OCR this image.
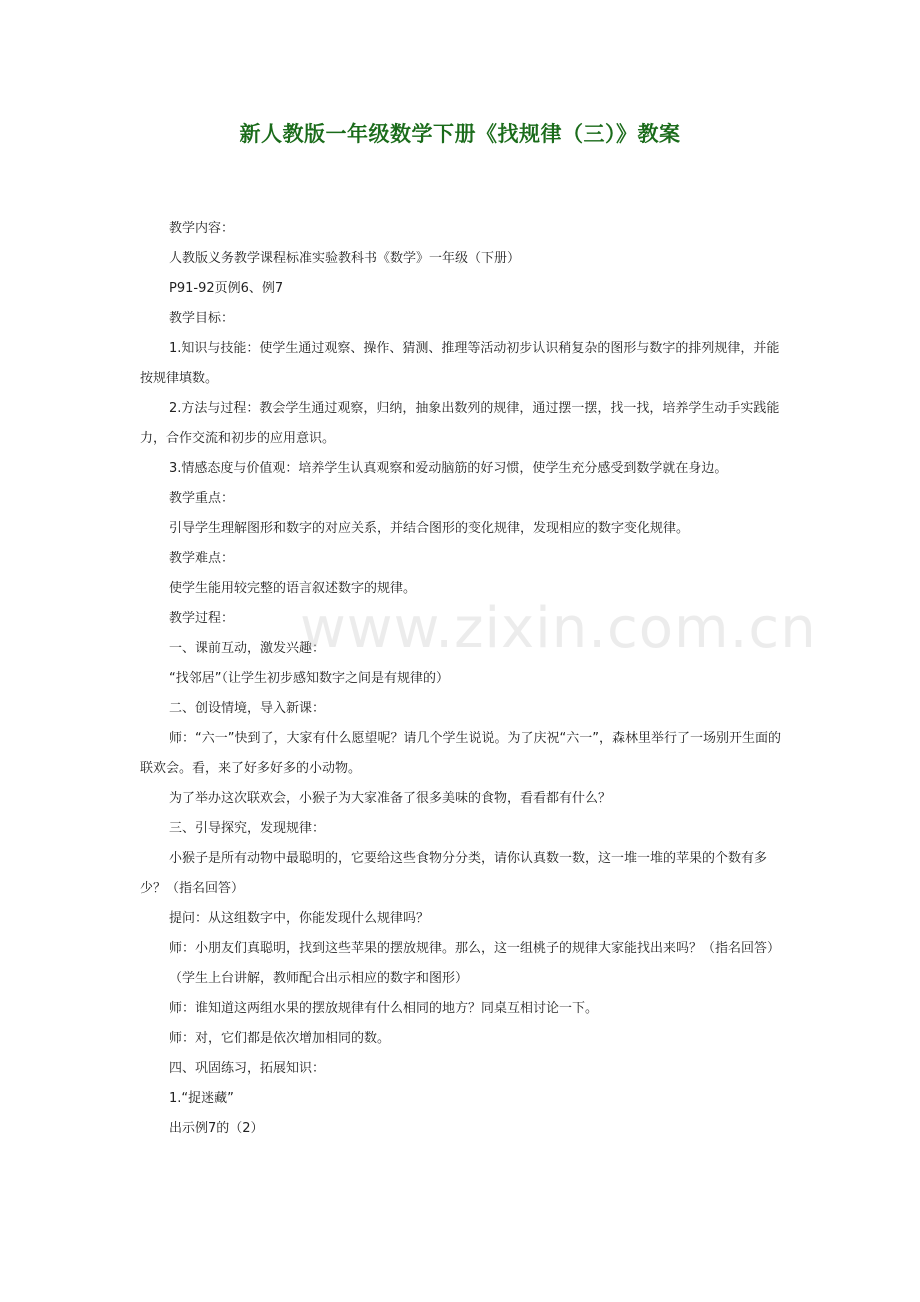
新人教版一年级数学下册《找规律（三）》教案

教学内容：

人教版义务教学课程标准实验教科书《数学》一年级（下册）

P91-92页例6、例7

教学目标：

1.知识与技能：使学生通过观察、操作、猜测、推理等活动初步认识稍复杂的图形与数字的排列规律，并能按规律填数。

2.方法与过程：教会学生通过观察，归纳，抽象出数列的规律，通过摆一摆，找一找，培养学生动手实践能力，合作交流和初步的应用意识。

3.情感态度与价值观：培养学生认真观察和爱动脑筋的好习惯，使学生充分感受到数学就在身边。

教学重点：

引导学生理解图形和数字的对应关系，并结合图形的变化规律，发现相应的数字变化规律。

教学难点：

使学生能用较完整的语言叙述数字的规律。

教学过程：

一、课前互动，激发兴趣：

“找邻居”（让学生初步感知数字之间是有规律的）

二、创设情境，导入新课：

师：“六一”快到了，大家有什么愿望呢？请几个学生说说。为了庆祝“六一”，森林里举行了一场别开生面的联欢会。看，来了好多好多的小动物。

为了举办这次联欢会，小猴子为大家准备了很多美味的食物，看看都有什么？

三、引导探究，发现规律：

小猴子是所有动物中最聪明的，它要给这些食物分分类，请你认真数一数，这一堆一堆的苹果的个数有多少？（指名回答）

提问：从这组数字中，你能发现什么规律吗？

师：小朋友们真聪明，找到这些苹果的摆放规律。那么，这一组桃子的规律大家能找出来吗？（指名回答）

（学生上台讲解，教师配合出示相应的数字和图形）

师：谁知道这两组水果的摆放规律有什么相同的地方？同桌互相讨论一下。

师：对，它们都是依次增加相同的数。

四、巩固练习，拓展知识：

1.“捉迷藏”

出示例7的（2）

www.zixin.com.cn
